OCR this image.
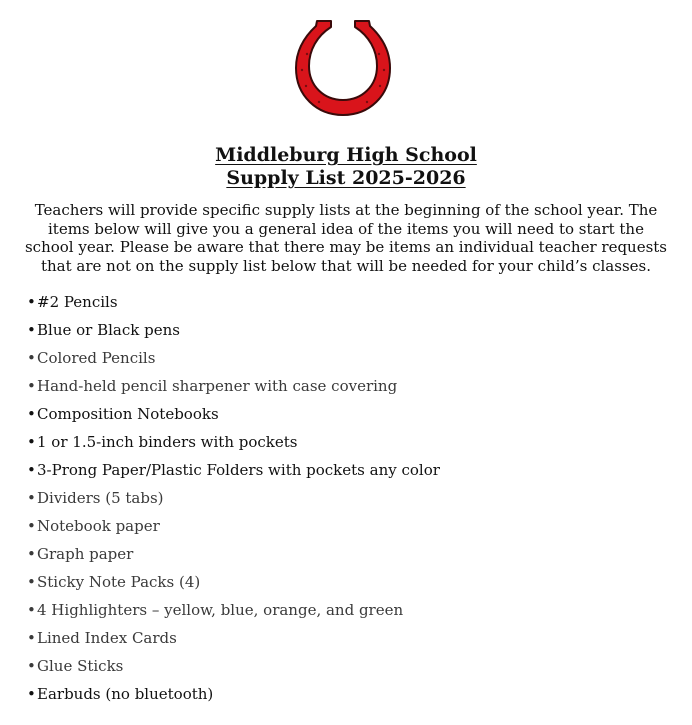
Middleburg High School
Supply List 2025-2026

Teachers will provide specific supply lists at the beginning of the school year. The items below will give you a general idea of the items you will need to start the school year. Please be aware that there may be items an individual teacher requests that are not on the supply list below that will be needed for your child’s classes.

•#2 Pencils
•Blue or Black pens
•Colored Pencils
•Hand-held pencil sharpener with case covering
•Composition Notebooks
•1 or 1.5-inch binders with pockets
•3-Prong Paper/Plastic Folders with pockets any color
•Dividers (5 tabs)
•Notebook paper
•Graph paper
•Sticky Note Packs (4)
•4 Highlighters – yellow, blue, orange, and green
•Lined Index Cards
•Glue Sticks
•Earbuds (no bluetooth)
